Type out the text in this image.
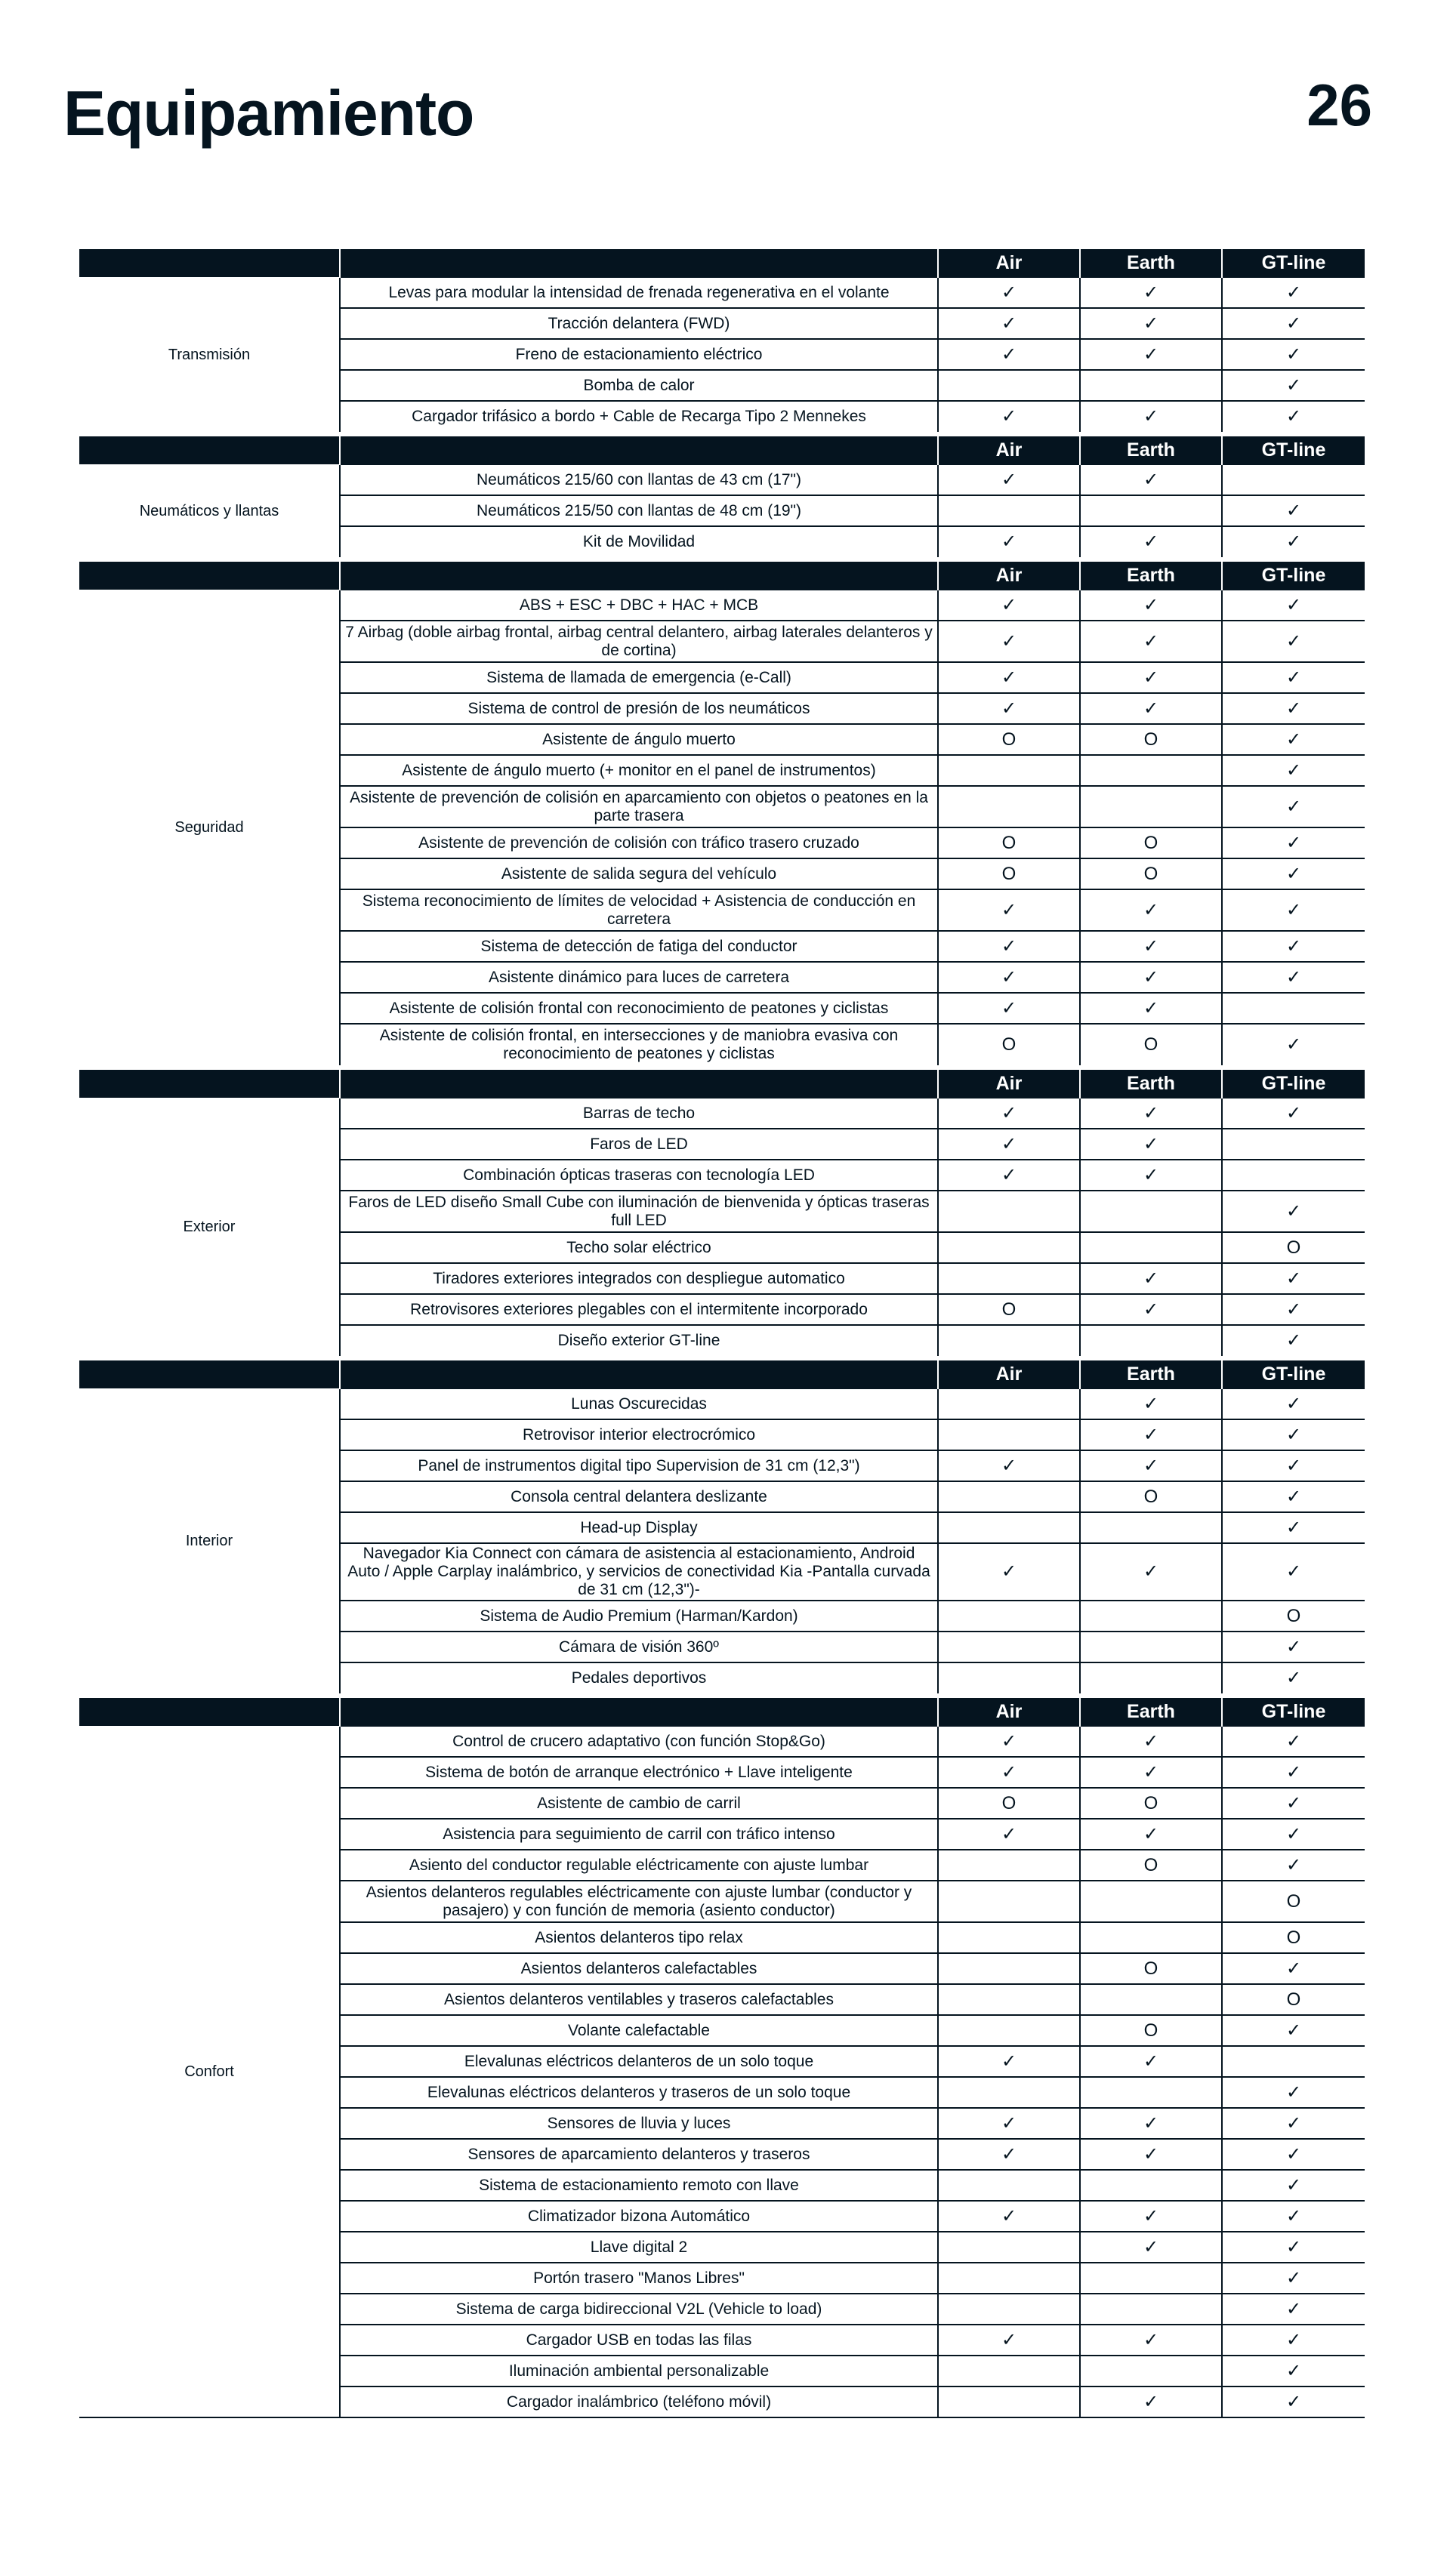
Equipamiento	26
		Air	Earth	GT-line
Transmisión	Levas para modular la intensidad de frenada regenerativa en el volante	✓	✓	✓
	Tracción delantera (FWD)	✓	✓	✓
	Freno de estacionamiento eléctrico	✓	✓	✓
	Bomba de calor			✓
	Cargador trifásico a bordo + Cable de Recarga Tipo 2 Mennekes	✓	✓	✓

		Air	Earth	GT-line
Neumáticos y llantas	Neumáticos 215/60 con llantas de 43 cm (17")	✓	✓	
	Neumáticos 215/50 con llantas de 48 cm (19")			✓
	Kit de Movilidad	✓	✓	✓

		Air	Earth	GT-line
Seguridad	ABS + ESC + DBC + HAC + MCB	✓	✓	✓
	7 Airbag (doble airbag frontal, airbag central delantero, airbag laterales delanteros y de cortina)	✓	✓	✓
	Sistema de llamada de emergencia (e-Call)	✓	✓	✓
	Sistema de control de presión de los neumáticos	✓	✓	✓
	Asistente de ángulo muerto	O	O	✓
	Asistente de ángulo muerto (+ monitor en el panel de instrumentos)			✓
	Asistente de prevención de colisión en aparcamiento con objetos o peatones en la parte trasera			✓
	Asistente de prevención de colisión con tráfico trasero cruzado	O	O	✓
	Asistente de salida segura del vehículo	O	O	✓
	Sistema reconocimiento de límites de velocidad + Asistencia de conducción en carretera	✓	✓	✓
	Sistema de detección de fatiga del conductor	✓	✓	✓
	Asistente dinámico para luces de carretera	✓	✓	✓
	Asistente de colisión frontal con reconocimiento de peatones y ciclistas	✓	✓	
	Asistente de colisión frontal, en intersecciones y de maniobra evasiva con reconocimiento de peatones y ciclistas	O	O	✓

		Air	Earth	GT-line
Exterior	Barras de techo	✓	✓	✓
	Faros de LED	✓	✓	
	Combinación ópticas traseras con tecnología LED	✓	✓	
	Faros de LED diseño Small Cube con iluminación de bienvenida y ópticas traseras full LED			✓
	Techo solar eléctrico			O
	Tiradores exteriores integrados con despliegue automatico		✓	✓
	Retrovisores exteriores plegables con el intermitente incorporado	O	✓	✓
	Diseño exterior GT-line			✓

		Air	Earth	GT-line
Interior	Lunas Oscurecidas		✓	✓
	Retrovisor interior electrocrómico		✓	✓
	Panel de instrumentos digital tipo Supervision de 31 cm (12,3")	✓	✓	✓
	Consola central delantera deslizante		O	✓
	Head-up Display			✓
	Navegador Kia Connect con cámara de asistencia al estacionamiento, Android Auto / Apple Carplay inalámbrico, y servicios de conectividad Kia -Pantalla curvada de 31 cm (12,3")-	✓	✓	✓
	Sistema de Audio Premium (Harman/Kardon)			O
	Cámara de visión 360º			✓
	Pedales deportivos			✓

		Air	Earth	GT-line
Confort	Control de crucero adaptativo (con función Stop&Go)	✓	✓	✓
	Sistema de botón de arranque electrónico + Llave inteligente	✓	✓	✓
	Asistente de cambio de carril	O	O	✓
	Asistencia para seguimiento de carril con tráfico intenso	✓	✓	✓
	Asiento del conductor regulable eléctricamente con ajuste lumbar		O	✓
	Asientos delanteros regulables eléctricamente con ajuste lumbar (conductor y pasajero) y con función de memoria (asiento conductor)			O
	Asientos delanteros tipo relax			O
	Asientos delanteros calefactables		O	✓
	Asientos delanteros ventilables y traseros calefactables			O
	Volante calefactable		O	✓
	Elevalunas eléctricos delanteros de un solo toque	✓	✓	
	Elevalunas eléctricos delanteros y traseros de un solo toque			✓
	Sensores de lluvia y luces	✓	✓	✓
	Sensores de aparcamiento delanteros y traseros	✓	✓	✓
	Sistema de estacionamiento remoto con llave			✓
	Climatizador bizona Automático	✓	✓	✓
	Llave digital 2		✓	✓
	Portón trasero "Manos Libres"			✓
	Sistema de carga bidireccional V2L (Vehicle to load)			✓
	Cargador USB en todas las filas	✓	✓	✓
	Iluminación ambiental personalizable			✓
	Cargador inalámbrico (teléfono móvil)		✓	✓
